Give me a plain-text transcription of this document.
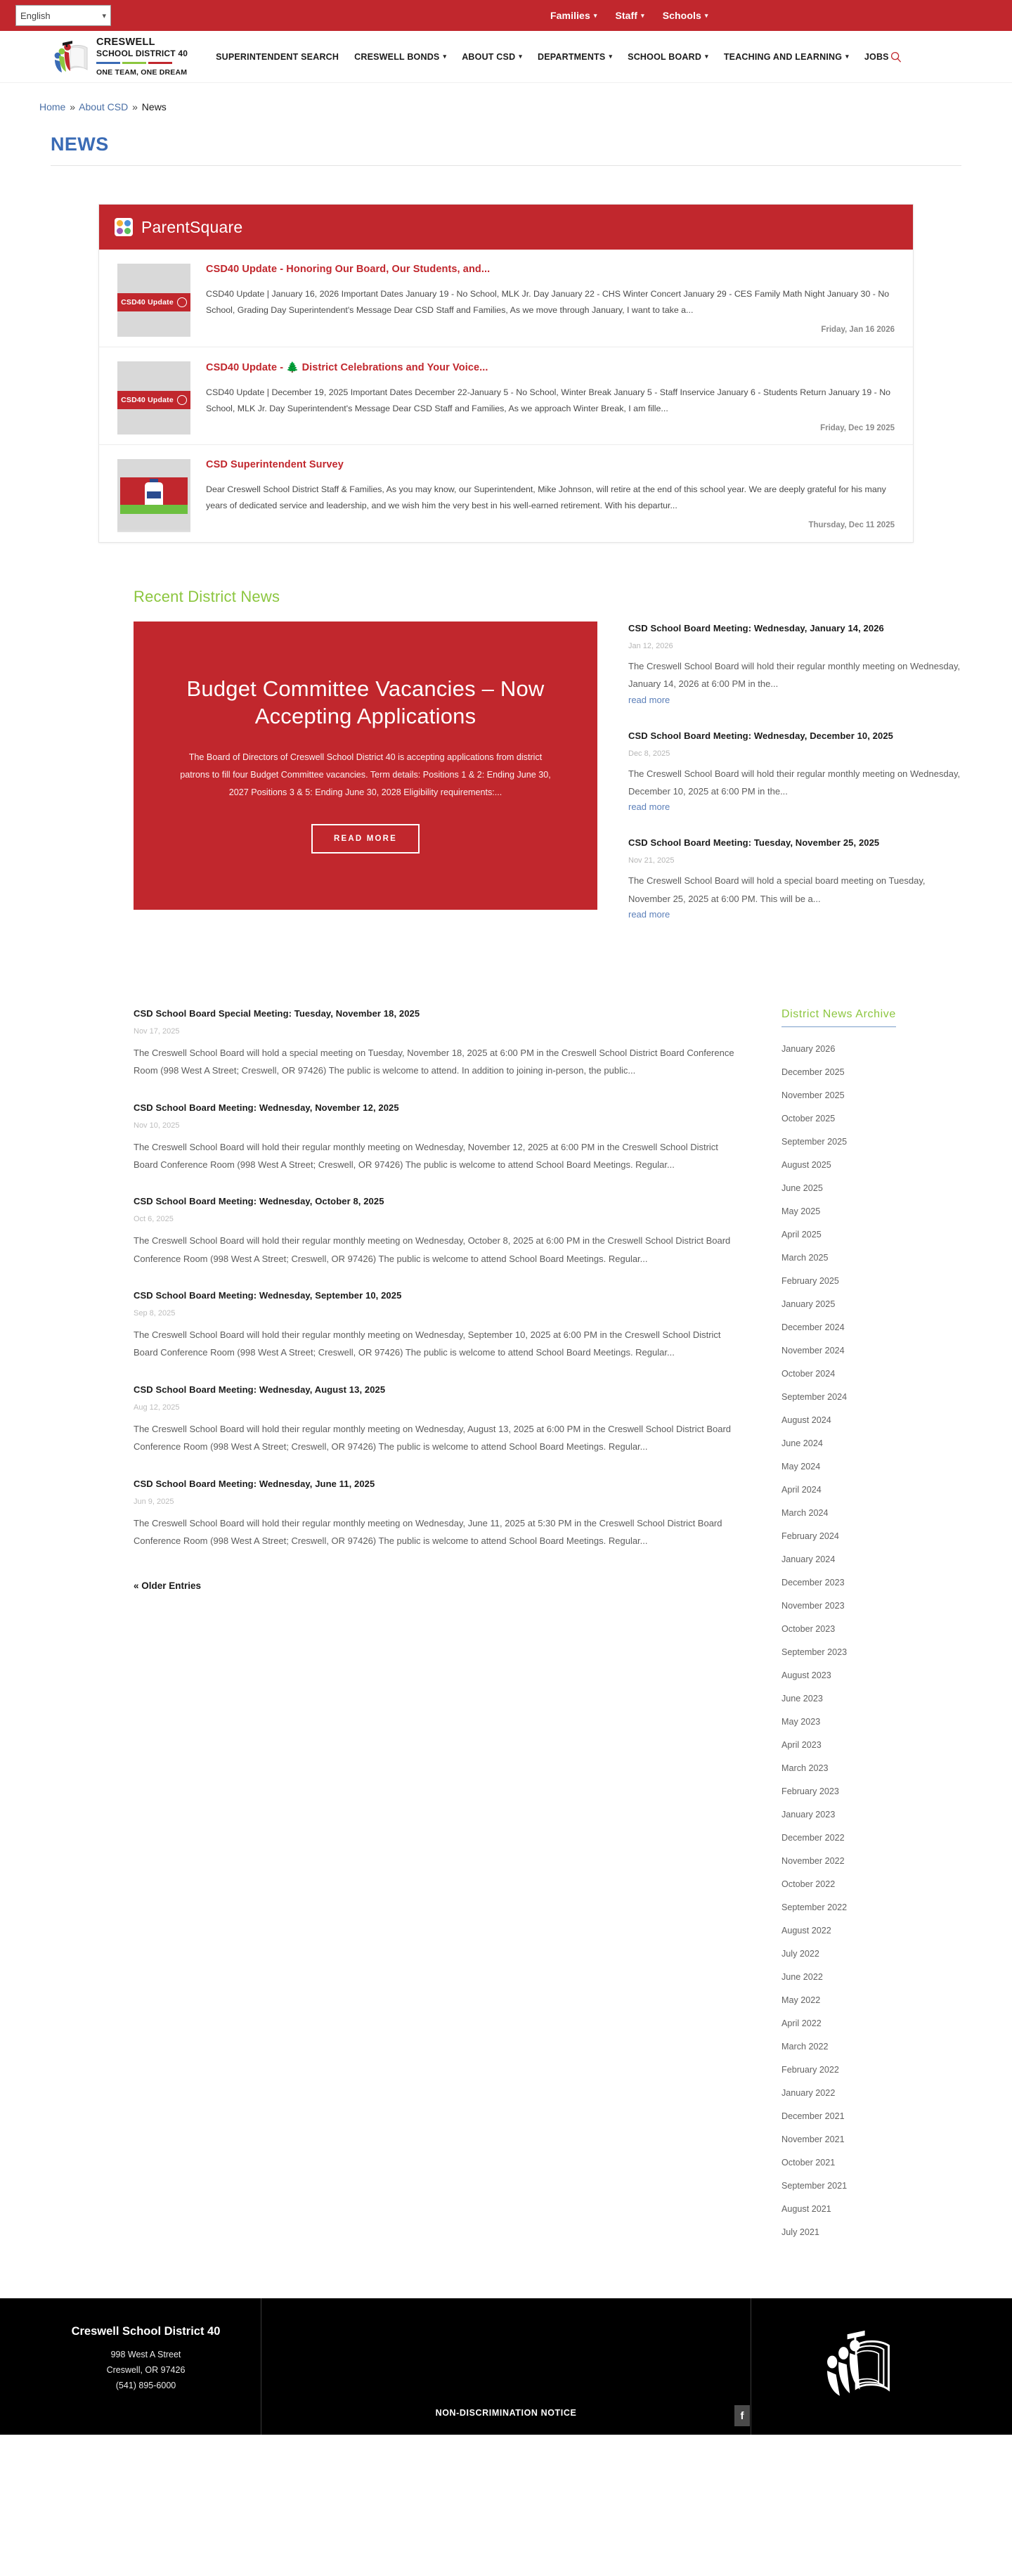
English	▾	Families ▾ Staff ▾ Schools ▾
CRESWELL
SCHOOL DISTRICT 40
ONE TEAM, ONE DREAM
SUPERINTENDENT SEARCH CRESWELL BONDS ▾ ABOUT CSD ▾ DEPARTMENTS ▾ SCHOOL BOARD ▾ TEACHING AND LEARNING ▾ JOBS
Home » About CSD » News
NEWS
ParentSquare
CSD40 Update
CSD40 Update - Honoring Our Board, Our Students, and...
CSD40 Update | January 16, 2026 Important Dates January 19 - No School, MLK Jr. Day January 22 - CHS Winter Concert January 29 - CES Family Math Night January 30 - No School, Grading Day Superintendent's Message Dear CSD Staff and Families, As we move through January, I want to take a...
Friday, Jan 16 2026
CSD40 Update
CSD40 Update - 🌲 District Celebrations and Your Voice...
CSD40 Update | December 19, 2025 Important Dates December 22-January 5 - No School, Winter Break January 5 - Staff Inservice January 6 - Students Return January 19 - No School, MLK Jr. Day Superintendent's Message Dear CSD Staff and Families, As we approach Winter Break, I am fille...
Friday, Dec 19 2025
CSD Superintendent Survey
Dear Creswell School District Staff & Families, As you may know, our Superintendent, Mike Johnson, will retire at the end of this school year. We are deeply grateful for his many years of dedicated service and leadership, and we wish him the very best in his well-earned retirement. With his departur...
Thursday, Dec 11 2025
Recent District News
Budget Committee Vacancies – Now Accepting Applications

The Board of Directors of Creswell School District 40 is accepting applications from district patrons to fill four Budget Committee vacancies. Term details: Positions 1 & 2: Ending June 30, 2027 Positions 3 & 5: Ending June 30, 2028 Eligibility requirements:...

READ MORE
CSD School Board Meeting: Wednesday, January 14, 2026
Jan 12, 2026
The Creswell School Board will hold their regular monthly meeting on Wednesday, January 14, 2026 at 6:00 PM in the...
read more
CSD School Board Meeting: Wednesday, December 10, 2025
Dec 8, 2025
The Creswell School Board will hold their regular monthly meeting on Wednesday, December 10, 2025 at 6:00 PM in the...
read more
CSD School Board Meeting: Tuesday, November 25, 2025
Nov 21, 2025
The Creswell School Board will hold a special board meeting on Tuesday, November 25, 2025 at 6:00 PM. This will be a...
read more
CSD School Board Special Meeting: Tuesday, November 18, 2025
Nov 17, 2025
The Creswell School Board will hold a special meeting on Tuesday, November 18, 2025 at 6:00 PM in the Creswell School District Board Conference Room (998 West A Street; Creswell, OR 97426) The public is welcome to attend. In addition to joining in-person, the public...
CSD School Board Meeting: Wednesday, November 12, 2025
Nov 10, 2025
The Creswell School Board will hold their regular monthly meeting on Wednesday, November 12, 2025 at 6:00 PM in the Creswell School District Board Conference Room (998 West A Street; Creswell, OR 97426) The public is welcome to attend School Board Meetings. Regular...
CSD School Board Meeting: Wednesday, October 8, 2025
Oct 6, 2025
The Creswell School Board will hold their regular monthly meeting on Wednesday, October 8, 2025 at 6:00 PM in the Creswell School District Board Conference Room (998 West A Street; Creswell, OR 97426) The public is welcome to attend School Board Meetings. Regular...
CSD School Board Meeting: Wednesday, September 10, 2025
Sep 8, 2025
The Creswell School Board will hold their regular monthly meeting on Wednesday, September 10, 2025 at 6:00 PM in the Creswell School District Board Conference Room (998 West A Street; Creswell, OR 97426) The public is welcome to attend School Board Meetings. Regular...
CSD School Board Meeting: Wednesday, August 13, 2025
Aug 12, 2025
The Creswell School Board will hold their regular monthly meeting on Wednesday, August 13, 2025 at 6:00 PM in the Creswell School District Board Conference Room (998 West A Street; Creswell, OR 97426) The public is welcome to attend School Board Meetings. Regular...
CSD School Board Meeting: Wednesday, June 11, 2025
Jun 9, 2025
The Creswell School Board will hold their regular monthly meeting on Wednesday, June 11, 2025 at 5:30 PM in the Creswell School District Board Conference Room (998 West A Street; Creswell, OR 97426) The public is welcome to attend School Board Meetings. Regular...
« Older Entries
District News Archive
January 2026
December 2025
November 2025
October 2025
September 2025
August 2025
June 2025
May 2025
April 2025
March 2025
February 2025
January 2025
December 2024
November 2024
October 2024
September 2024
August 2024
June 2024
May 2024
April 2024
March 2024
February 2024
January 2024
December 2023
November 2023
October 2023
September 2023
August 2023
June 2023
May 2023
April 2023
March 2023
February 2023
January 2023
December 2022
November 2022
October 2022
September 2022
August 2022
July 2022
June 2022
May 2022
April 2022
March 2022
February 2022
January 2022
December 2021
November 2021
October 2021
September 2021
August 2021
July 2021
Creswell School District 40
998 West A Street
Creswell, OR 97426
(541) 895-6000
NON-DISCRIMINATION NOTICE	f
